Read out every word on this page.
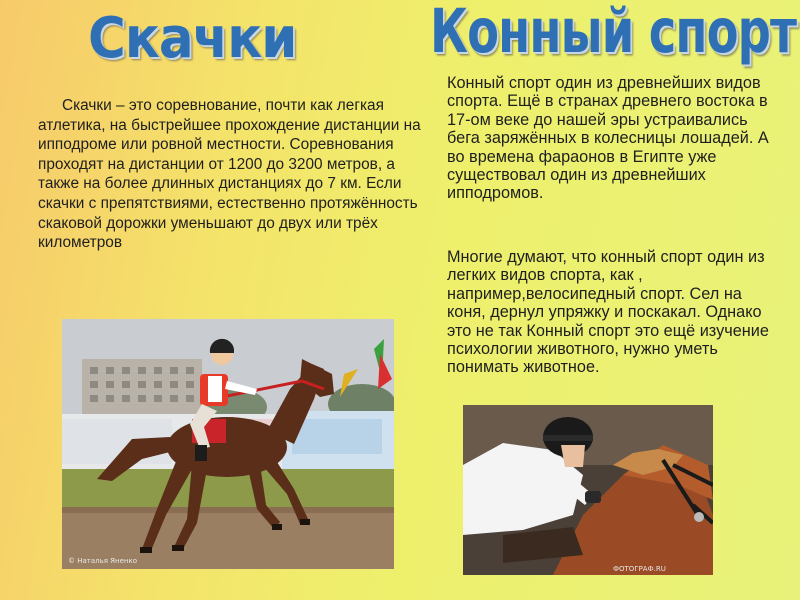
Скачки Конный спорт

Скачки – это соревнование, почти как легкая атлетика, на быстрейшее прохождение дистанции на ипподроме или ровной местности. Соревнования проходят на дистанции от 1200 до 3200 метров, а также на более длинных дистанциях до 7 км. Если скачки с препятствиями, естественно протяжённость скаковой дорожки уменьшают до двух или трёх километров

Конный спорт один из древнейших видов спорта. Ещё в странах древнего востока в 17-ом веке до нашей эры устраивались бега заряжённых в колесницы лошадей. А во времена фараонов в Египте уже существовал один из древнейших ипподромов.

Многие думают, что конный спорт один из легких видов спорта, как , например,велосипедный спорт. Сел на коня, дернул упряжку и поскакал. Однако это не так Конный спорт это ещё изучение психологии животного, нужно уметь понимать животное.

© Наталья Яненко
ФОТОГРАФ.RU
